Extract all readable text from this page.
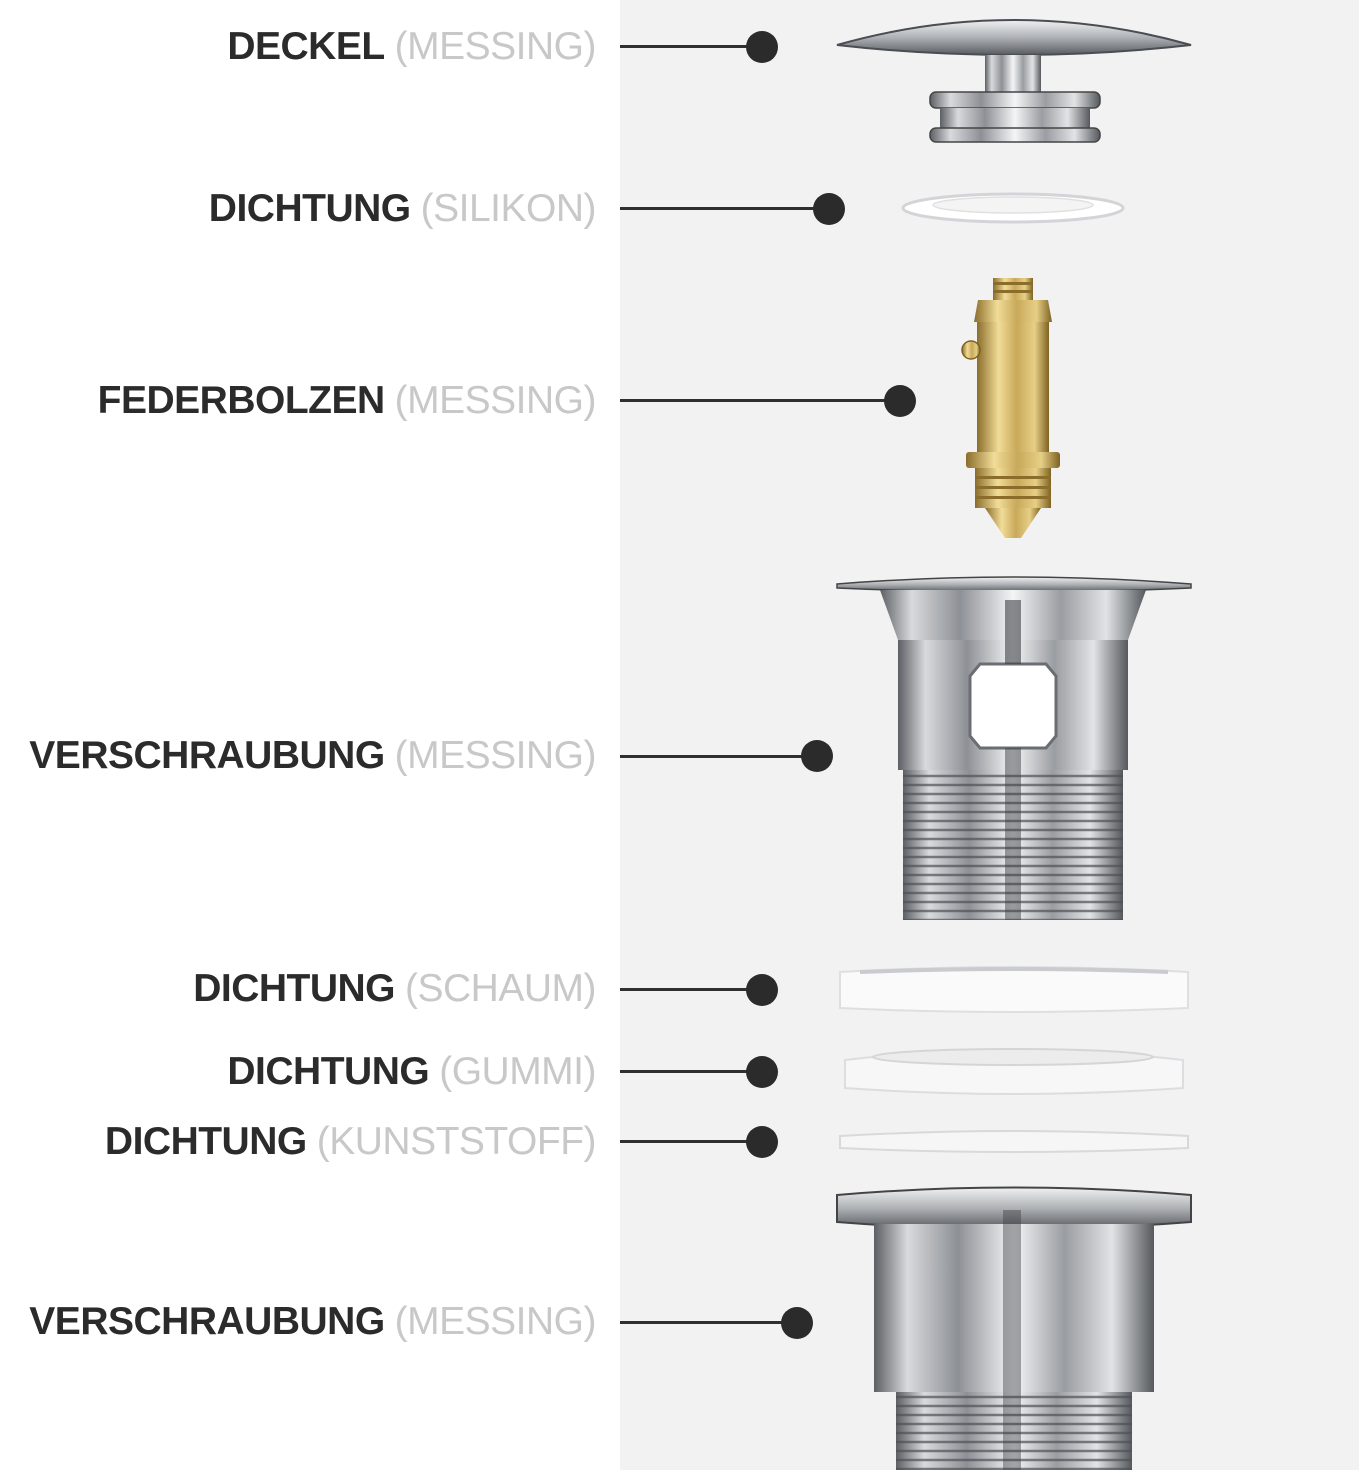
DECKEL (MESSING)
DICHTUNG (SILIKON)
FEDERBOLZEN (MESSING)
VERSCHRAUBUNG (MESSING)
DICHTUNG (SCHAUM)
DICHTUNG (GUMMI)
DICHTUNG (KUNSTSTOFF)
VERSCHRAUBUNG (MESSING)
